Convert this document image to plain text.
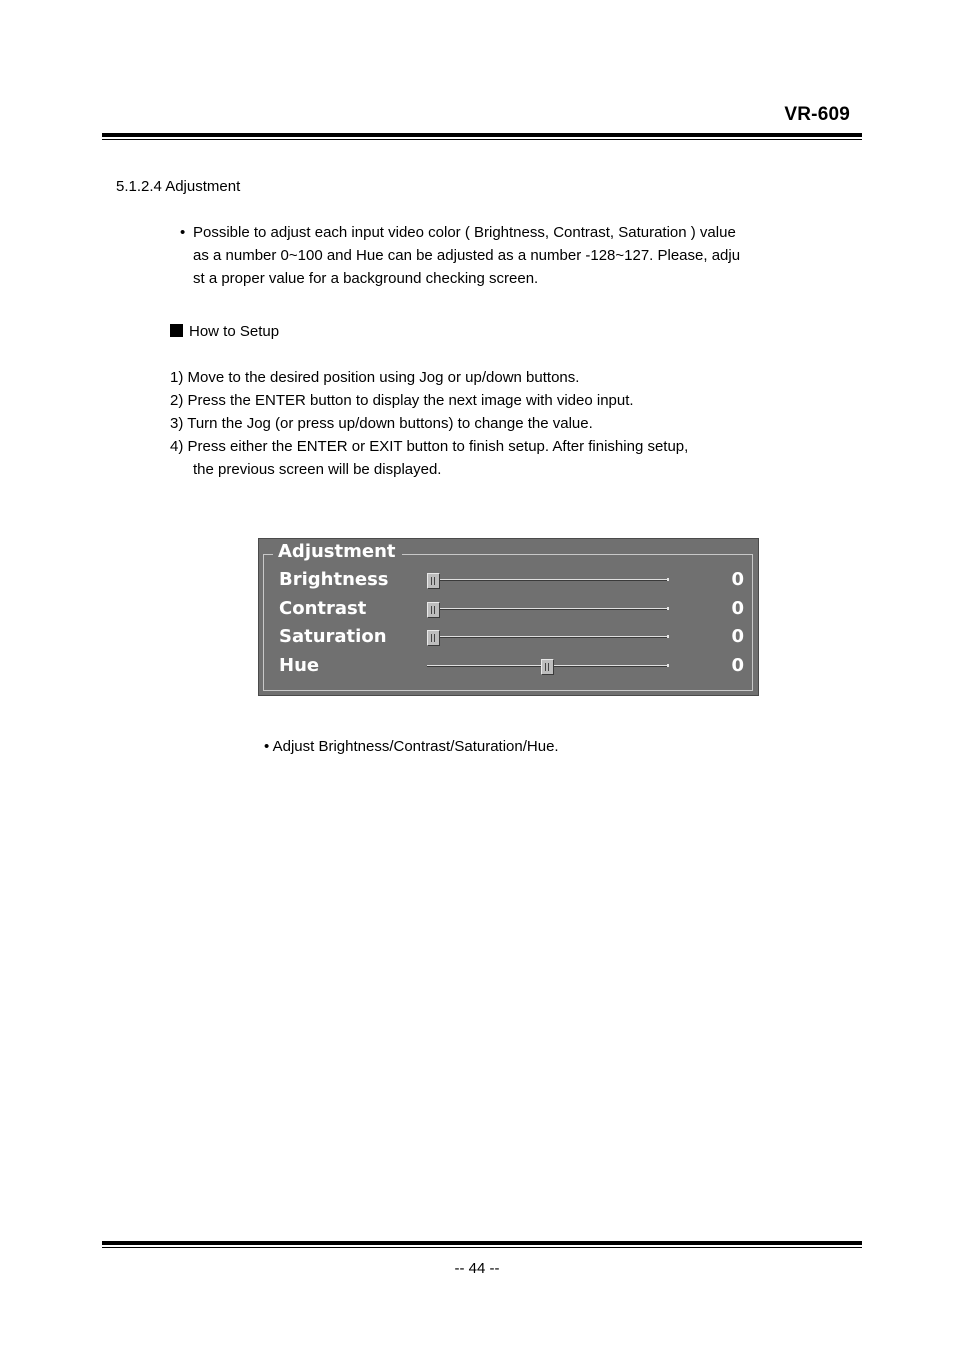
VR-609
5.1.2.4 Adjustment
• Possible to adjust each input video color ( Brightness, Contrast, Saturation ) value
as a number 0~100 and Hue can be adjusted as a number -128~127. Please, adju
st a proper value for a background checking screen.
How to Setup
1) Move to the desired position using Jog or up/down buttons.
2) Press the ENTER button to display the next image with video input.
3) Turn the Jog (or press up/down buttons) to change the value.
4) Press either the ENTER or EXIT button to finish setup. After finishing setup,
the previous screen will be displayed.
Adjustment
Brightness	0
Contrast	0
Saturation	0
Hue	0
• Adjust Brightness/Contrast/Saturation/Hue.
-- 44 --
